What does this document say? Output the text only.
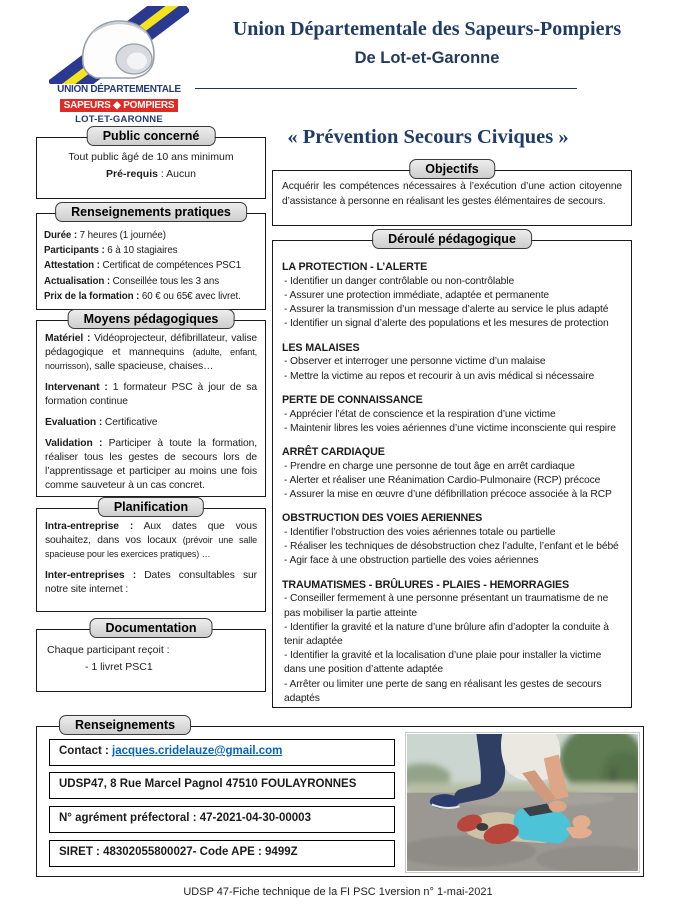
UNION DÉPARTEMENTALE
SAPEURS ◆ POMPIERS
LOT-ET-GARONNE
Union Départementale des Sapeurs-Pompiers
De Lot-et-Garonne
Public concerné
Tout public âgé de 10 ans minimum
Pré-requis : Aucun
Renseignements pratiques
Durée : 7 heures (1 journée)
Participants : 6 à 10 stagiaires
Attestation : Certificat de compétences PSC1
Actualisation : Conseillée tous les 3 ans
Prix de la formation : 60 € ou 65€ avec livret.
Moyens pédagogiques

Matériel : Vidéoprojecteur, défibrillateur, valise pédagogique et mannequins (adulte, enfant, nourrisson), salle spacieuse, chaises…

Intervenant : 1 formateur PSC à jour de sa formation continue

Evaluation : Certificative

Validation : Participer à toute la formation, réaliser tous les gestes de secours lors de l’apprentissage et participer au moins une fois comme sauveteur à un cas concret.

Planification

Intra-entreprise : Aux dates que vous souhaitez, dans vos locaux (prévoir une salle spacieuse pour les exercices pratiques) …

Inter-entreprises : Dates consultables sur notre site internet :

Documentation
Chaque participant reçoit :
- 1 livret PSC1
« Prévention Secours Civiques »
Objectifs
Acquérir les compétences nécessaires à l’exécution d’une action citoyenne d’assistance à personne en réalisant les gestes élémentaires de secours.
Déroulé pédagogique
LA PROTECTION - L’ALERTE
- Identifier un danger contrôlable ou non-contrôlable
- Assurer une protection immédiate, adaptée et permanente
- Assurer la transmission d’un message d’alerte au service le plus adapté
- Identifier un signal d’alerte des populations et les mesures de protection
LES MALAISES
- Observer et interroger une personne victime d’un malaise
- Mettre la victime au repos et recourir à un avis médical si nécessaire
PERTE DE CONNAISSANCE
- Apprécier l’état de conscience et la respiration d’une victime
- Maintenir libres les voies aériennes d’une victime inconsciente qui respire
ARRÊT CARDIAQUE
- Prendre en charge une personne de tout âge en arrêt cardiaque
- Alerter et réaliser une Réanimation Cardio-Pulmonaire (RCP) précoce
- Assurer la mise en œuvre d’une défibrillation précoce associée à la RCP
OBSTRUCTION DES VOIES AERIENNES
- Identifier l’obstruction des voies aériennes totale ou partielle
- Réaliser les techniques de désobstruction chez l’adulte, l’enfant et le bébé
- Agir face à une obstruction partielle des voies aériennes
TRAUMATISMES - BRÛLURES - PLAIES - HEMORRAGIES
- Conseiller fermement à une personne présentant un traumatisme de ne pas mobiliser la partie atteinte
- Identifier la gravité et la nature d’une brûlure afin d’adopter la conduite à tenir adaptée
- Identifier la gravité et la localisation d’une plaie pour installer la victime dans une position d’attente adaptée
- Arrêter ou limiter une perte de sang en réalisant les gestes de secours adaptés
Renseignements
Contact : jacques.cridelauze@gmail.com
UDSP47, 8 Rue Marcel Pagnol 47510 FOULAYRONNES
N° agrément préfectoral : 47-2021-04-30-00003
SIRET : 48302055800027- Code APE : 9499Z
UDSP 47-Fiche technique de la FI PSC 1version n° 1-mai-2021
